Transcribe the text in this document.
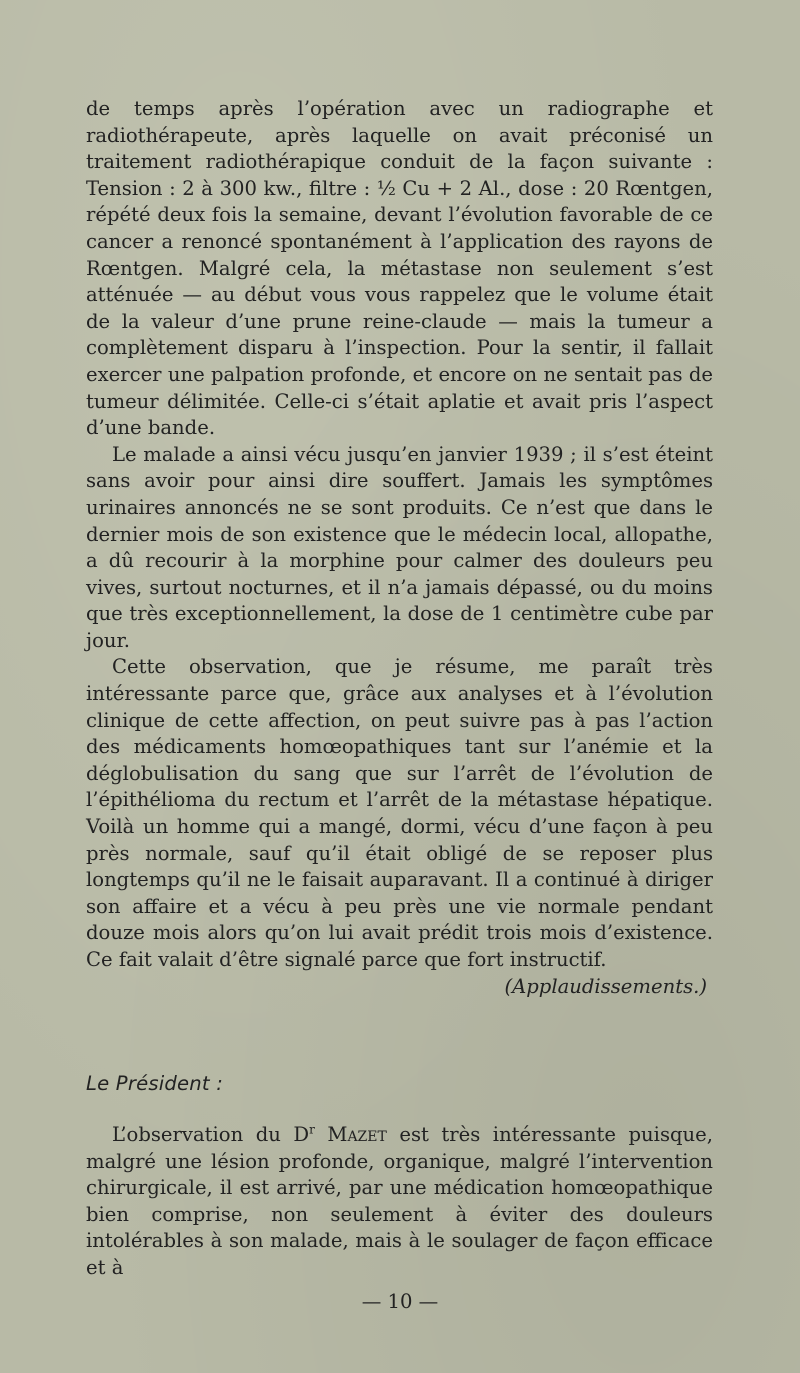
de temps après l’opération avec un radiographe et radiothérapeute, après laquelle on avait préconisé un traitement radiothérapique conduit de la façon suivante : Tension : 2 à 300 kw., filtre : ½ Cu + 2 Al., dose : 20 Rœntgen, répété deux fois la semaine, devant l’évolution favorable de ce cancer a renoncé spontanément à l’application des rayons de Rœntgen. Malgré cela, la métastase non seulement s’est atténuée — au début vous vous rappelez que le volume était de la valeur d’une prune reine-claude — mais la tumeur a complètement disparu à l’inspection. Pour la sentir, il fallait exercer une palpation profonde, et encore on ne sentait pas de tumeur délimitée. Celle-ci s’était aplatie et avait pris l’aspect d’une bande.

Le malade a ainsi vécu jusqu’en janvier 1939 ; il s’est éteint sans avoir pour ainsi dire souffert. Jamais les symptômes urinaires annoncés ne se sont produits. Ce n’est que dans le dernier mois de son existence que le médecin local, allopathe, a dû recourir à la morphine pour calmer des douleurs peu vives, surtout nocturnes, et il n’a jamais dépassé, ou du moins que très exceptionnellement, la dose de 1 centimètre cube par jour.

Cette observation, que je résume, me paraît très intéressante parce que, grâce aux analyses et à l’évolution clinique de cette affection, on peut suivre pas à pas l’action des médicaments homœopathiques tant sur l’anémie et la déglobulisation du sang que sur l’arrêt de l’évolution de l’épithélioma du rectum et l’arrêt de la métastase hépatique. Voilà un homme qui a mangé, dormi, vécu d’une façon à peu près normale, sauf qu’il était obligé de se reposer plus longtemps qu’il ne le faisait auparavant. Il a continué à diriger son affaire et a vécu à peu près une vie normale pendant douze mois alors qu’on lui avait prédit trois mois d’existence. Ce fait valait d’être signalé parce que fort instructif.

(Applaudissements.)

Le Président :

L’observation du $D^r$ Mazet est très intéressante puisque, malgré une lésion profonde, organique, malgré l’intervention chirurgicale, il est arrivé, par une médication homœopathique bien comprise, non seulement à éviter des douleurs intolérables à son malade, mais à le soulager de façon efficace et à

— 10 —
